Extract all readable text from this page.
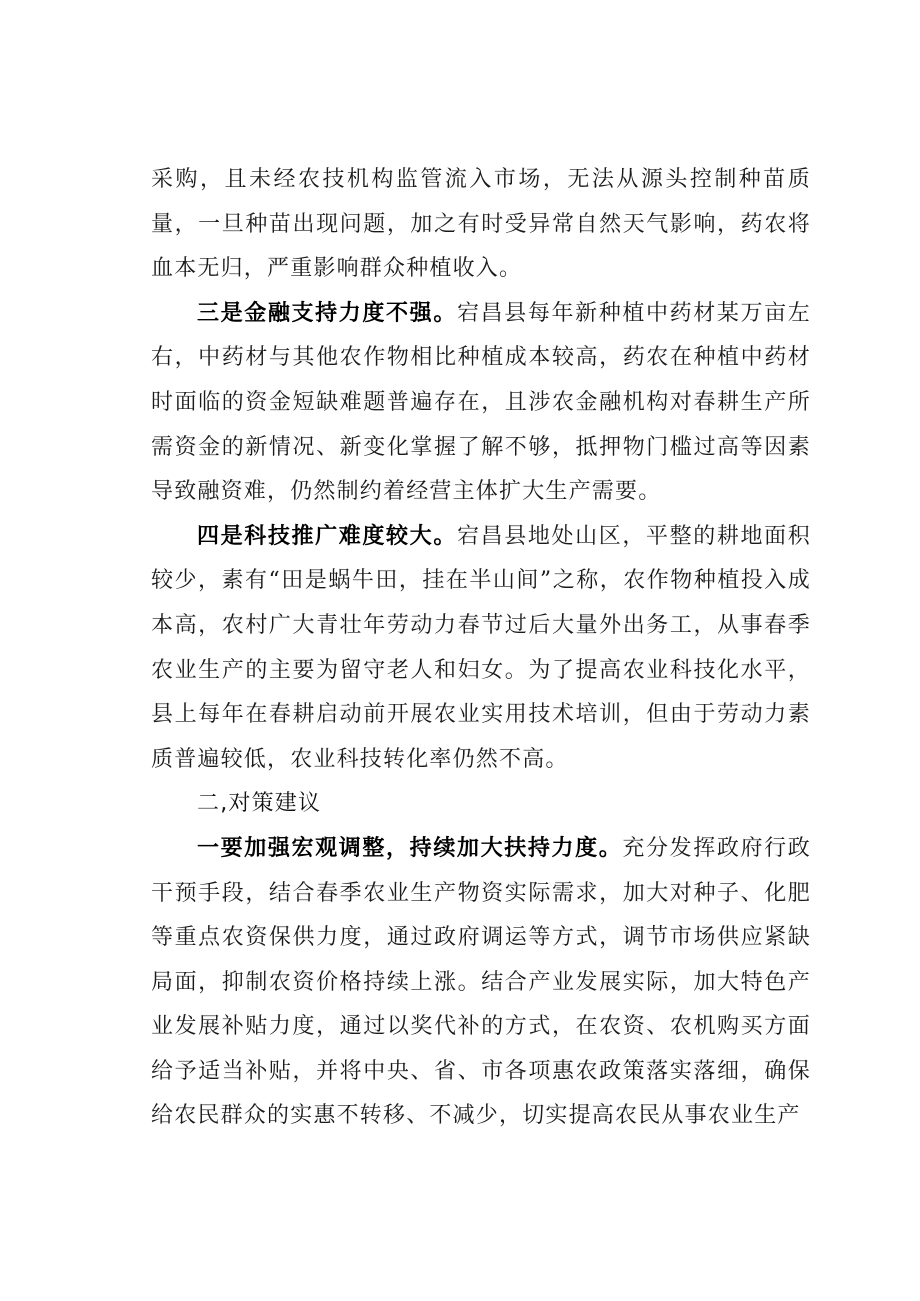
采购，且未经农技机构监管流入市场，无法从源头控制种苗质量，一旦种苗出现问题，加之有时受异常自然天气影响，药农将血本无归，严重影响群众种植收入。

三是金融支持力度不强。宕昌县每年新种植中药材某万亩左右，中药材与其他农作物相比种植成本较高，药农在种植中药材时面临的资金短缺难题普遍存在，且涉农金融机构对春耕生产所需资金的新情况、新变化掌握了解不够，抵押物门槛过高等因素导致融资难，仍然制约着经营主体扩大生产需要。

四是科技推广难度较大。宕昌县地处山区，平整的耕地面积较少，素有“田是蜗牛田，挂在半山间”之称，农作物种植投入成本高，农村广大青壮年劳动力春节过后大量外出务工，从事春季农业生产的主要为留守老人和妇女。为了提高农业科技化水平，县上每年在春耕启动前开展农业实用技术培训，但由于劳动力素质普遍较低，农业科技转化率仍然不高。

二,对策建议

一要加强宏观调整，持续加大扶持力度。充分发挥政府行政干预手段，结合春季农业生产物资实际需求，加大对种子、化肥等重点农资保供力度，通过政府调运等方式，调节市场供应紧缺局面，抑制农资价格持续上涨。结合产业发展实际，加大特色产业发展补贴力度，通过以奖代补的方式，在农资、农机购买方面给予适当补贴，并将中央、省、市各项惠农政策落实落细，确保给农民群众的实惠不转移、不减少，切实提高农民从事农业生产
